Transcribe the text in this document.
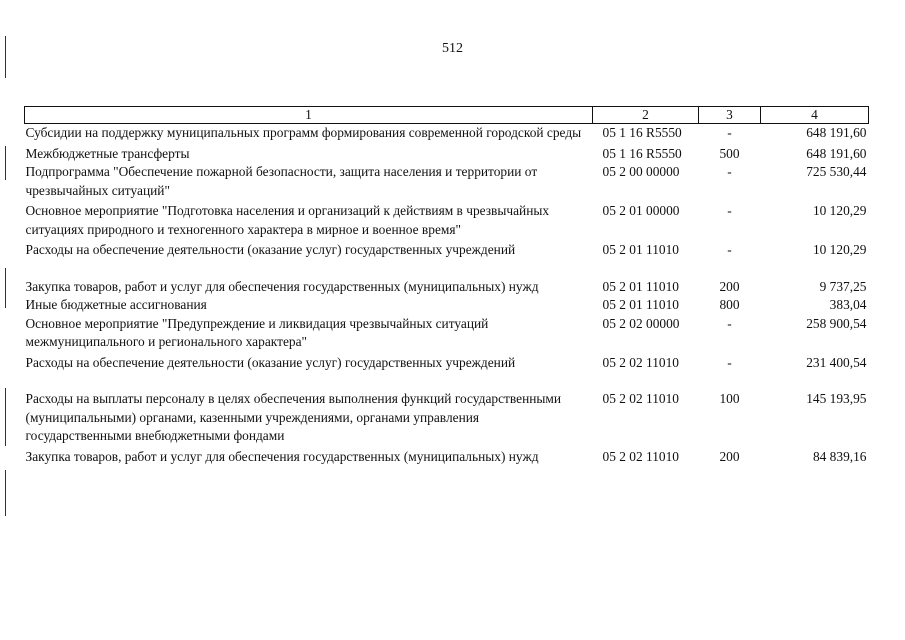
512
1	2	3	4
Субсидии на поддержку муниципальных программ формирования современной городской среды	05 1 16 R5550	-	648 191,60
Межбюджетные трансферты	05 1 16 R5550	500	648 191,60
Подпрограмма "Обеспечение пожарной безопасности, защита населения и территории от чрезвычайных ситуаций"	05 2 00 00000	-	725 530,44
Основное мероприятие "Подготовка населения и организаций к действиям в чрезвычайных ситуациях природного и техногенного характера в мирное и военное время"	05 2 01 00000	-	10 120,29
Расходы на обеспечение деятельности (оказание услуг) государственных учреждений	05 2 01 11010	-	10 120,29
Закупка товаров, работ и услуг для обеспечения государственных (муниципальных) нужд	05 2 01 11010	200	9 737,25
Иные бюджетные ассигнования	05 2 01 11010	800	383,04
Основное мероприятие "Предупреждение и ликвидация чрезвычайных ситуаций межмуниципального и регионального характера"	05 2 02 00000	-	258 900,54
Расходы на обеспечение деятельности (оказание услуг) государственных учреждений	05 2 02 11010	-	231 400,54
Расходы на выплаты персоналу в целях обеспечения выполнения функций государственными (муниципальными) органами, казенными учреждениями, органами управления государственными внебюджетными фондами	05 2 02 11010	100	145 193,95
Закупка товаров, работ и услуг для обеспечения государственных (муниципальных) нужд	05 2 02 11010	200	84 839,16
